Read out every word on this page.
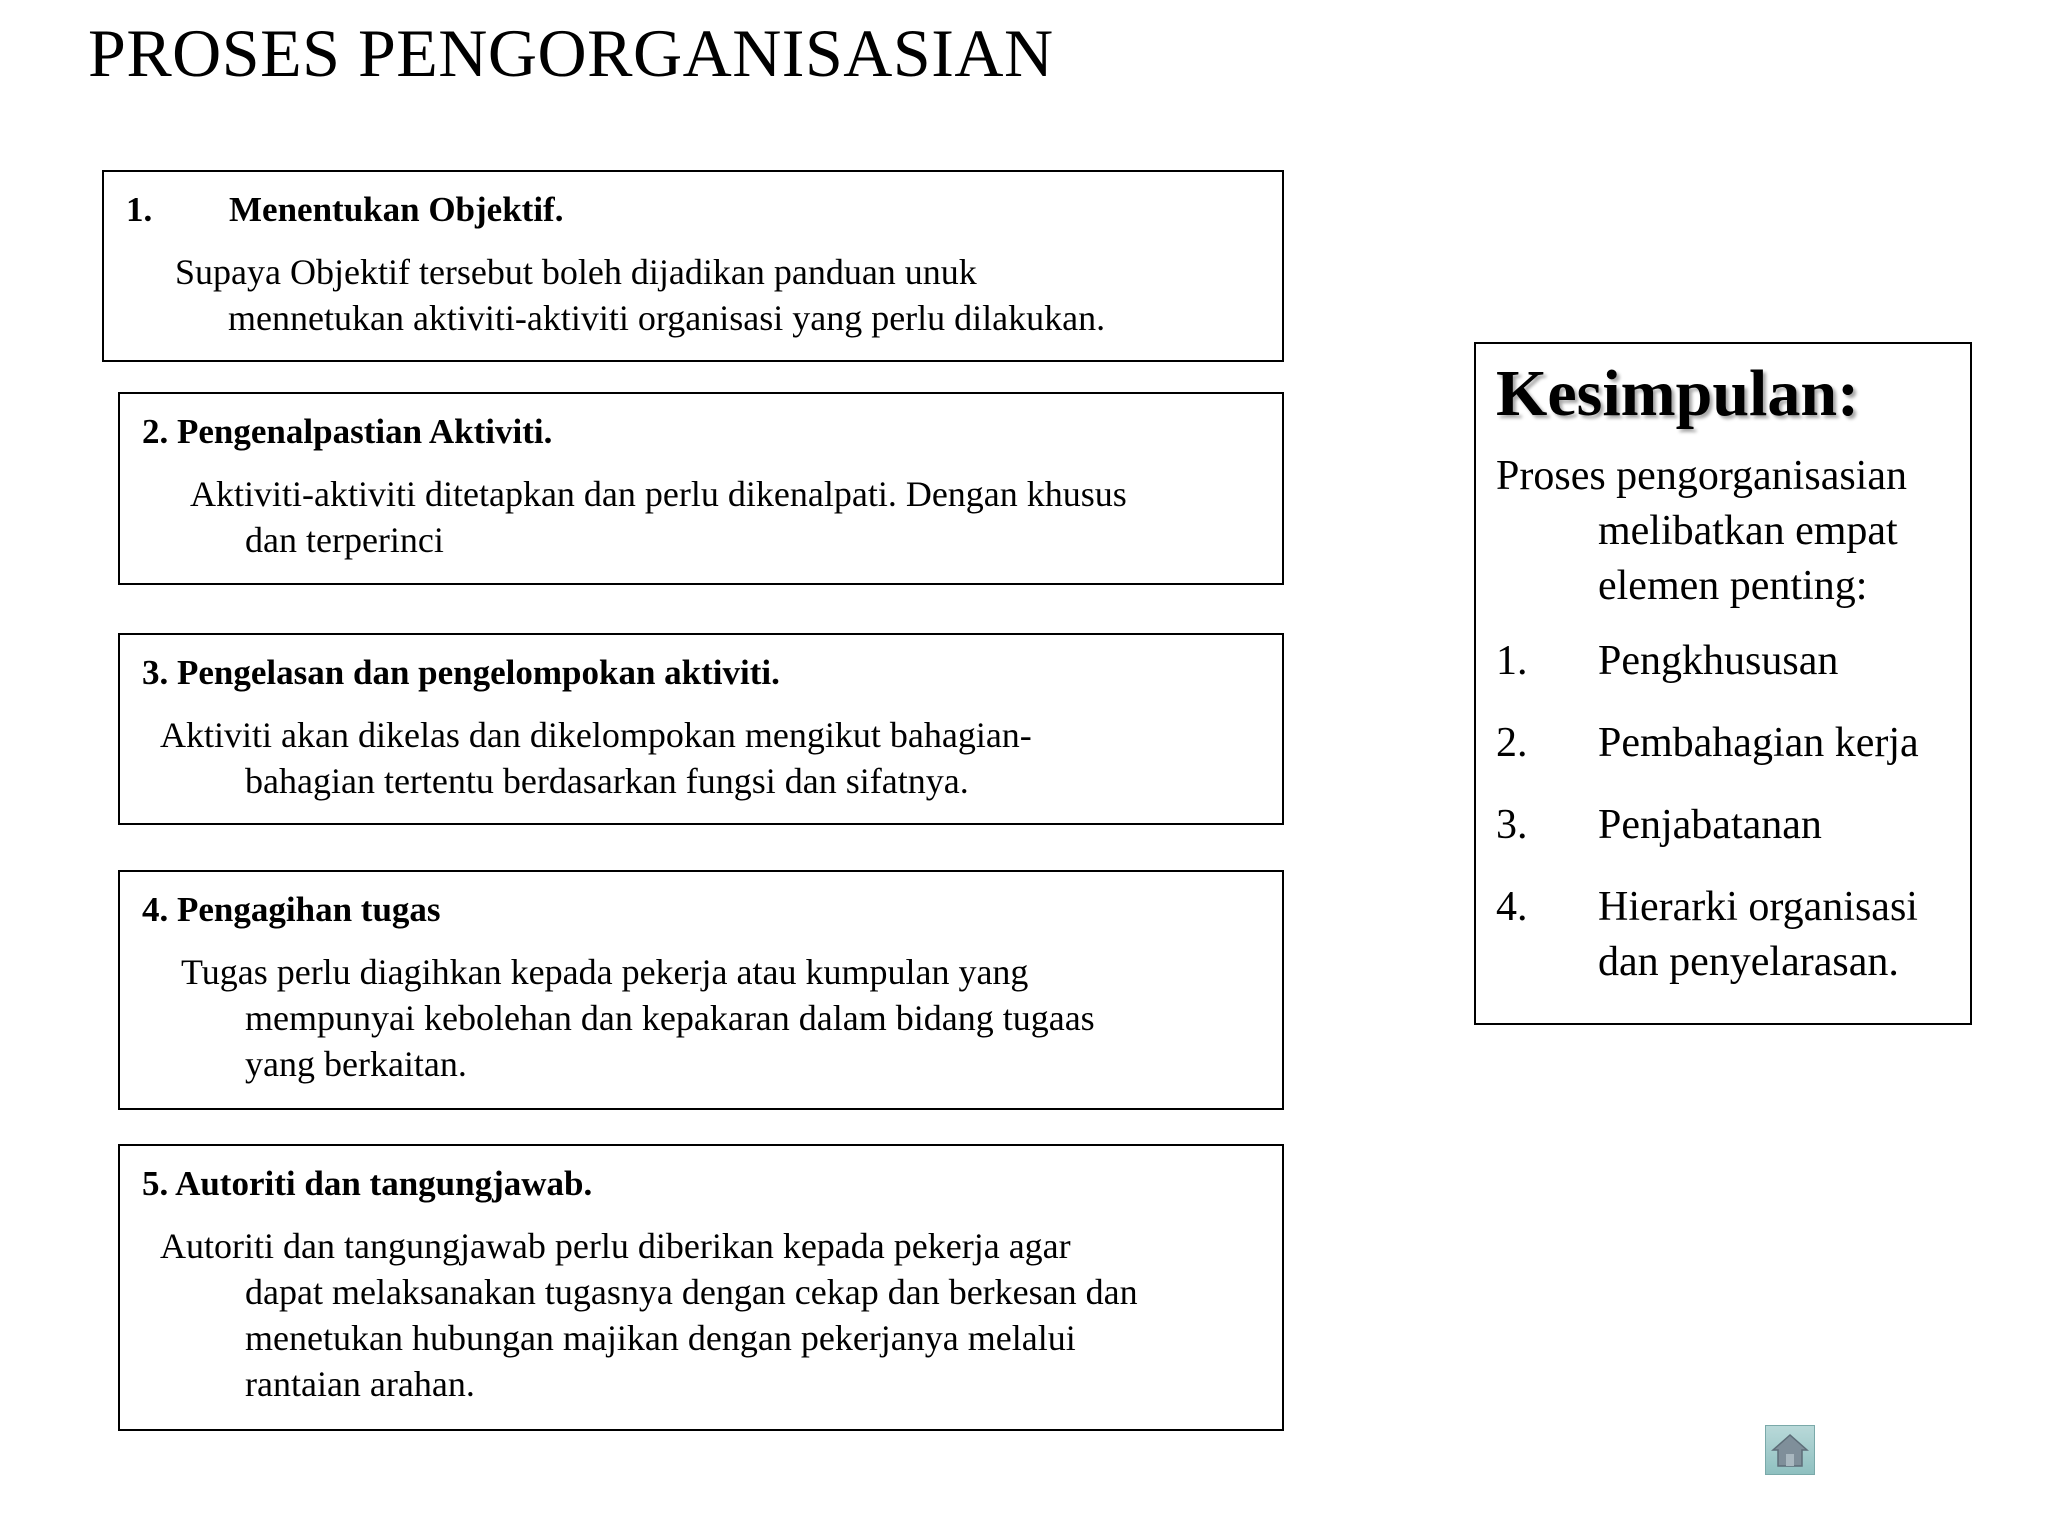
PROSES PENGORGANISASIAN
1. Menentukan Objektif.
Supaya Objektif tersebut boleh dijadikan panduan unuk
mennetukan aktiviti-aktiviti organisasi yang perlu dilakukan.
2. Pengenalpastian Aktiviti.
Aktiviti-aktiviti ditetapkan dan perlu dikenalpati. Dengan khusus
dan terperinci
3. Pengelasan dan pengelompokan aktiviti.
Aktiviti akan dikelas dan dikelompokan mengikut bahagian-
bahagian tertentu berdasarkan fungsi dan sifatnya.
4. Pengagihan tugas
Tugas perlu diagihkan kepada pekerja atau kumpulan yang
mempunyai kebolehan dan kepakaran dalam bidang tugaas
yang berkaitan.
5. Autoriti dan tangungjawab.
Autoriti dan tangungjawab perlu diberikan kepada pekerja agar
dapat melaksanakan tugasnya dengan cekap dan berkesan dan
menetukan hubungan majikan dengan pekerjanya melalui
rantaian arahan.
Kesimpulan:
Proses pengorganisasian
melibatkan empat
elemen penting:
1. Pengkhususan
2. Pembahagian kerja
3. Penjabatanan
4. Hierarki organisasi
dan penyelarasan.
